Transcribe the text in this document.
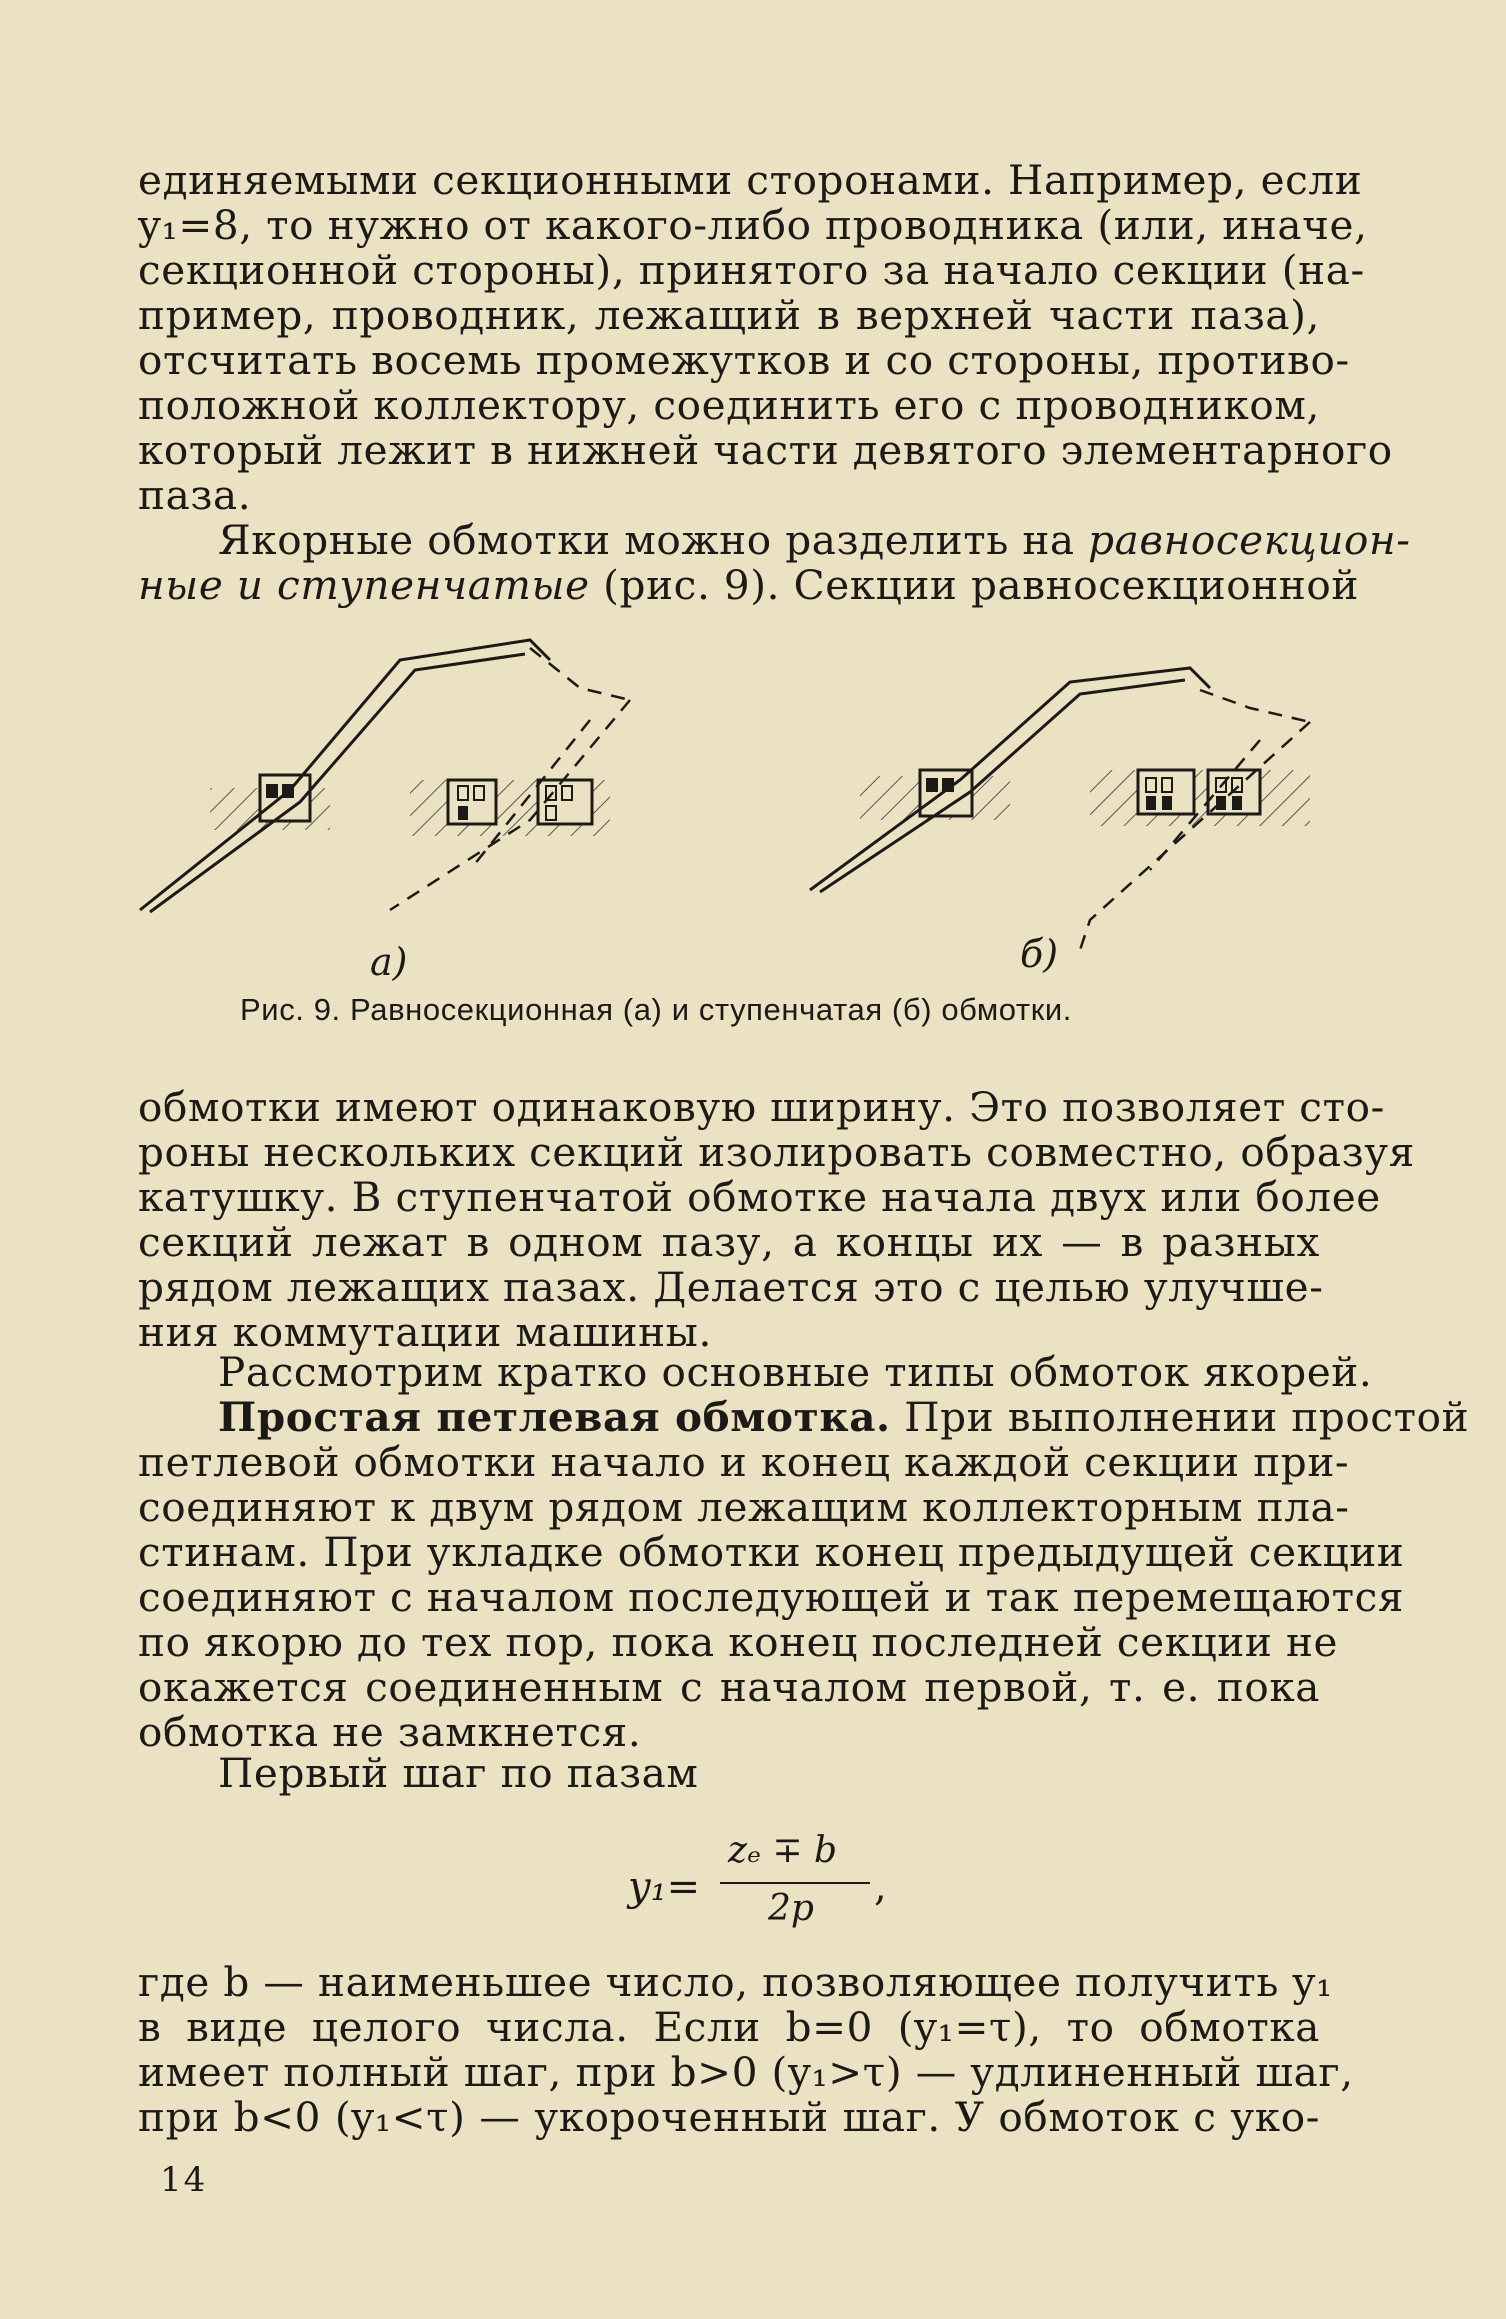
единяемыми секционными сторонами. Например, если
y₁=8, то нужно от какого-либо проводника (или, иначе,
секционной стороны), принятого за начало секции (на-
пример, проводник, лежащий в верхней части паза),
отсчитать восемь промежутков и со стороны, противо-
положной коллектору, соединить его с проводником,
который лежит в нижней части девятого элементарного
паза.
Якорные обмотки можно разделить на равносекцион-
ные и ступенчатые (рис. 9). Секции равносекционной
а)	б)
Рис. 9. Равносекционная (а) и ступенчатая (б) обмотки.
обмотки имеют одинаковую ширину. Это позволяет сто-
роны нескольких секций изолировать совместно, образуя
катушку. В ступенчатой обмотке начала двух или более
секций лежат в одном пазу, а концы их — в разных
рядом лежащих пазах. Делается это с целью улучше-
ния коммутации машины.
Рассмотрим кратко основные типы обмоток якорей.
Простая петлевая обмотка. При выполнении простой
петлевой обмотки начало и конец каждой секции при-
соединяют к двум рядом лежащим коллекторным пла-
стинам. При укладке обмотки конец предыдущей секции
соединяют с началом последующей и так перемещаются
по якорю до тех пор, пока конец последней секции не
окажется соединенным с началом первой, т. е. пока
обмотка не замкнется.
Первый шаг по пазам
y₁=
zₑ ∓ b
2p ,
где b — наименьшее число, позволяющее получить y₁
в виде целого числа. Если b=0 (y₁=τ), то обмотка
имеет полный шаг, при b>0 (y₁>τ) — удлиненный шаг,
при b<0 (y₁<τ) — укороченный шаг. У обмоток с уко-
14
